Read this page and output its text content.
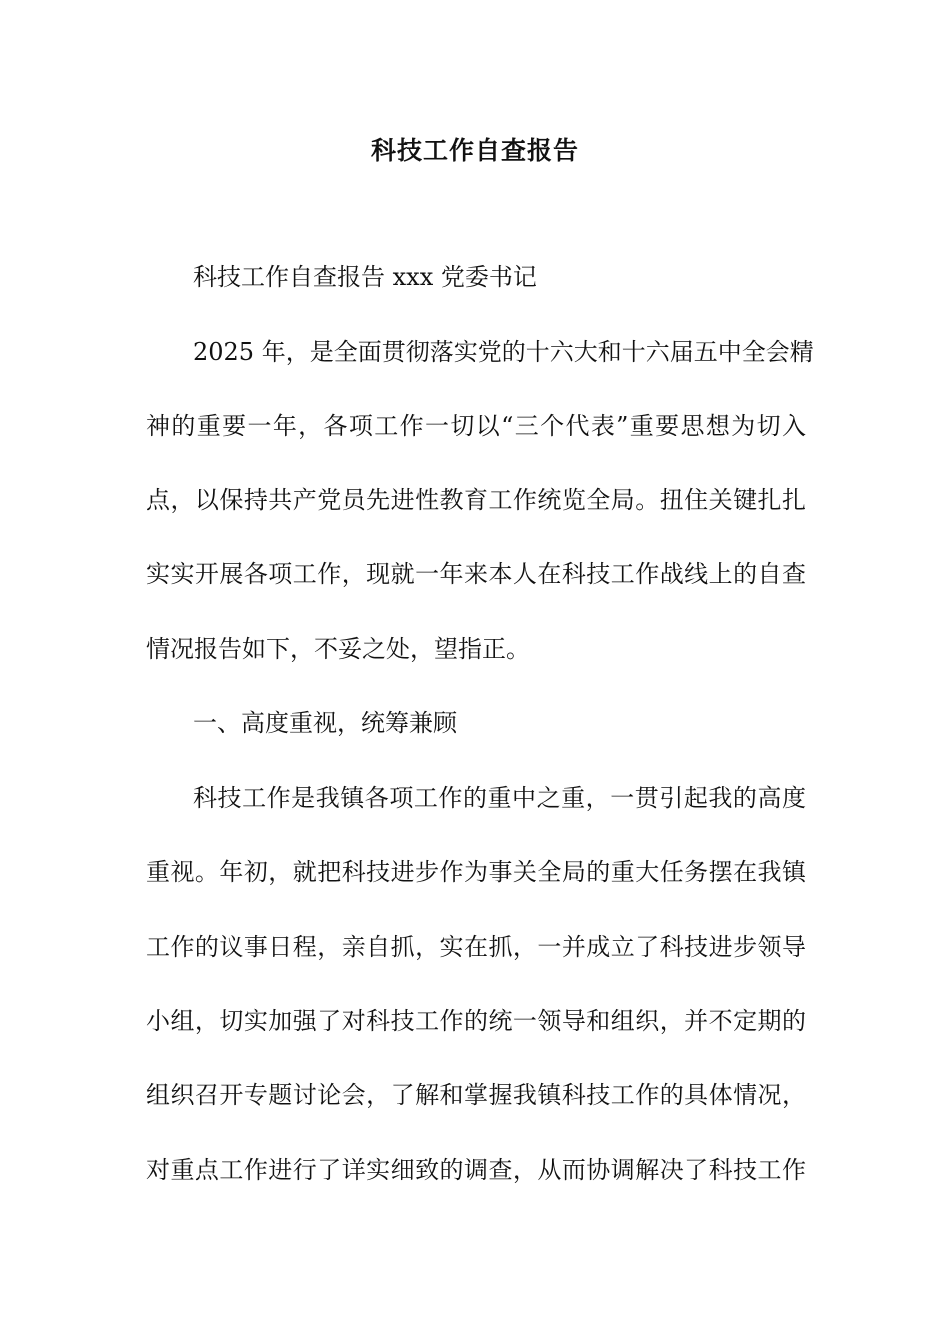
科技工作自查报告
科技工作自查报告 xxx 党委书记
2025 年，是全面贯彻落实党的十六大和十六届五中全会精
神的重要一年，各项工作一切以“三个代表”重要思想为切入
点，以保持共产党员先进性教育工作统览全局。扭住关键扎扎
实实开展各项工作，现就一年来本人在科技工作战线上的自查
情况报告如下，不妥之处，望指正。
一、高度重视，统筹兼顾
科技工作是我镇各项工作的重中之重，一贯引起我的高度
重视。年初，就把科技进步作为事关全局的重大任务摆在我镇
工作的议事日程，亲自抓，实在抓，一并成立了科技进步领导
小组，切实加强了对科技工作的统一领导和组织，并不定期的
组织召开专题讨论会，了解和掌握我镇科技工作的具体情况，
对重点工作进行了详实细致的调查，从而协调解决了科技工作
